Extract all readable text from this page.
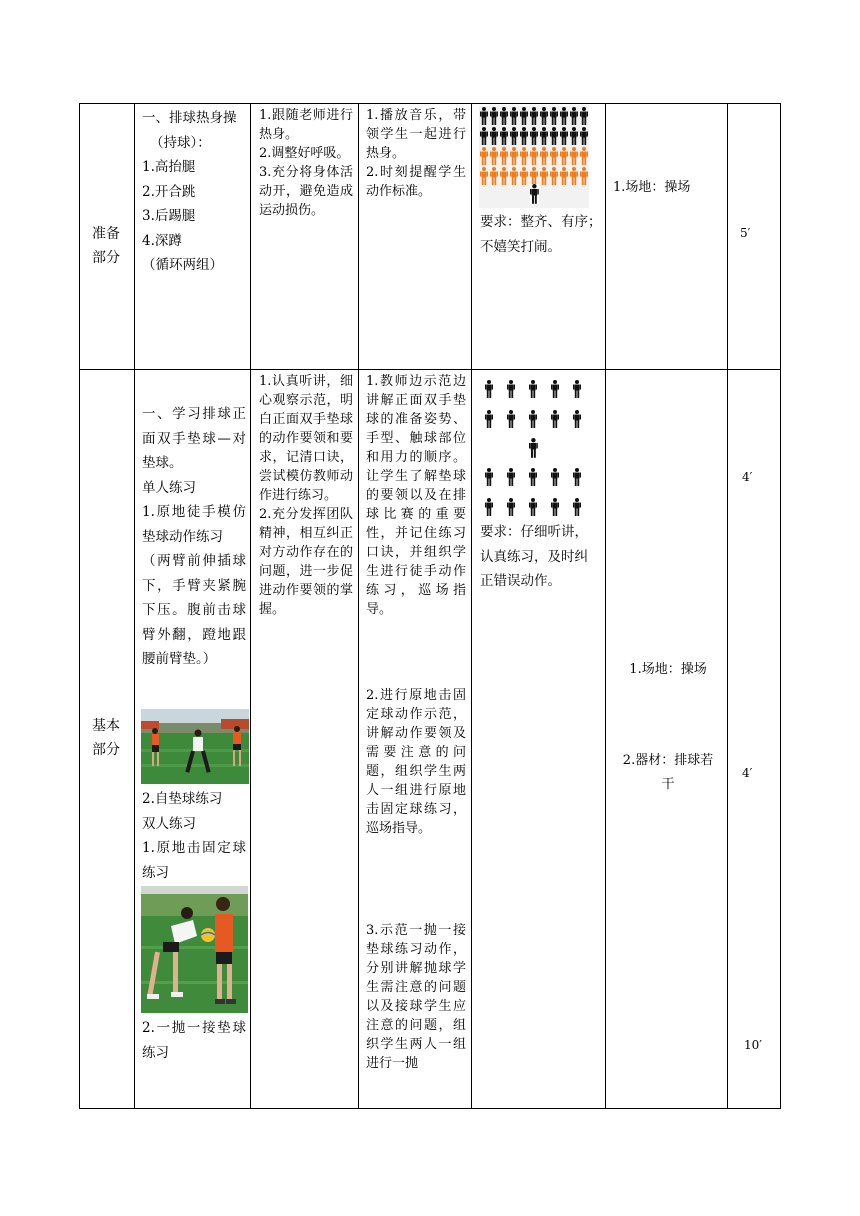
准备部分

一、排球热身操

（持球）：

1.高抬腿

2.开合跳

3.后踢腿

4.深蹲

（循环两组）

1.跟随老师进行热身。

2.调整好呼吸。

3.充分将身体活动开，避免造成运动损伤。

1.播放音乐，带领学生一起进行热身。

2.时刻提醒学生动作标准。

要求：整齐、有序；不嬉笑打闹。
1.场地：操场
5′
基本部分

一、学习排球正面双手垫球—对垫球。

单人练习

1.原地徒手模仿垫球动作练习

（两臂前伸插球下，手臂夹紧腕下压。腹前击球臂外翻，蹬地跟腰前臂垫。）

2.自垫球练习

双人练习

1.原地击固定球练习

2.一抛一接垫球练习

1.认真听讲，细心观察示范，明白正面双手垫球的动作要领和要求，记清口诀，尝试模仿教师动作进行练习。

2.充分发挥团队精神，相互纠正对方动作存在的问题，进一步促进动作要领的掌握。

1.教师边示范边讲解正面双手垫球的准备姿势、手型、触球部位和用力的顺序。让学生了解垫球的要领以及在排球比赛的重要性，并记住练习口诀，并组织学生进行徒手动作练习，巡场指导。
2.进行原地击固定球动作示范，讲解动作要领及需要注意的问题，组织学生两人一组进行原地击固定球练习，巡场指导。
3.示范一抛一接垫球练习动作，分别讲解抛球学生需注意的问题以及接球学生应注意的问题，组织学生两人一组进行一抛
要求：仔细听讲，认真练习，及时纠正错误动作。
1.场地：操场
2.器材：排球若干
4′
4′
10′
